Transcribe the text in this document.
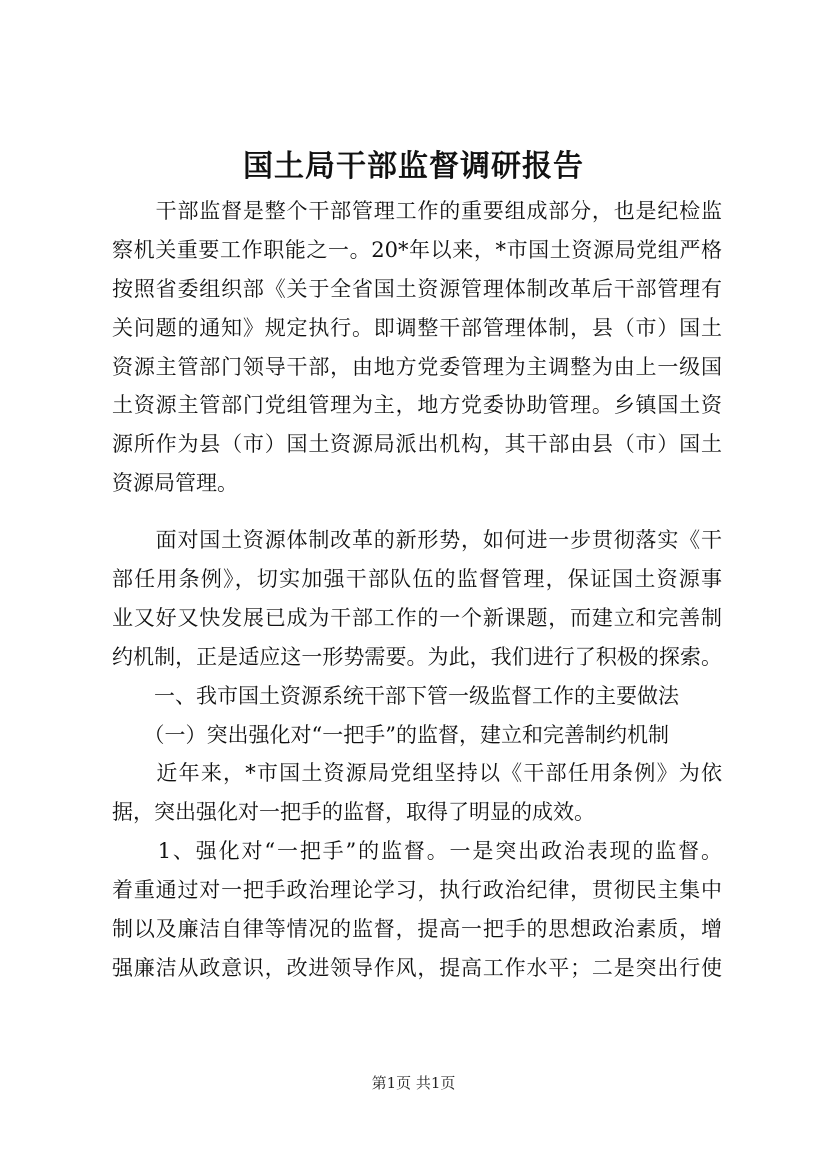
国土局干部监督调研报告
　　干部监督是整个干部管理工作的重要组成部分，也是纪检监
察机关重要工作职能之一。20*年以来，*市国土资源局党组严格
按照省委组织部《关于全省国土资源管理体制改革后干部管理有
关问题的通知》规定执行。即调整干部管理体制，县（市）国土
资源主管部门领导干部，由地方党委管理为主调整为由上一级国
土资源主管部门党组管理为主，地方党委协助管理。乡镇国土资
源所作为县（市）国土资源局派出机构，其干部由县（市）国土
资源局管理。
　　面对国土资源体制改革的新形势，如何进一步贯彻落实《干
部任用条例》，切实加强干部队伍的监督管理，保证国土资源事
业又好又快发展已成为干部工作的一个新课题，而建立和完善制
约机制，正是适应这一形势需要。为此，我们进行了积极的探索。
　　一、我市国土资源系统干部下管一级监督工作的主要做法
　　（一）突出强化对“一把手”的监督，建立和完善制约机制
　　近年来，*市国土资源局党组坚持以《干部任用条例》为依
据，突出强化对一把手的监督，取得了明显的成效。
　　1、强化对“一把手”的监督。一是突出政治表现的监督。
着重通过对一把手政治理论学习，执行政治纪律，贯彻民主集中
制以及廉洁自律等情况的监督，提高一把手的思想政治素质，增
强廉洁从政意识，改进领导作风，提高工作水平；二是突出行使
第1页 共1页
